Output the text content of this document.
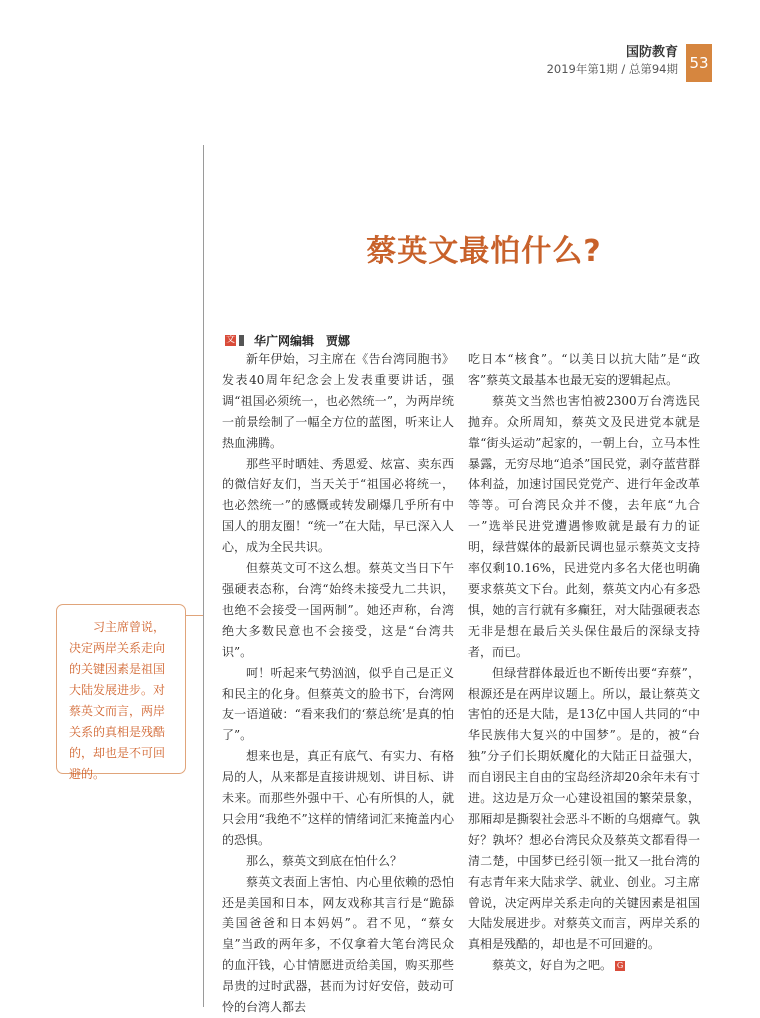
国防教育
2019年第1期 / 总第94期 53
蔡英文最怕什么?
文 华广网编辑　贾娜

新年伊始，习主席在《告台湾同胞书》发表40周年纪念会上发表重要讲话，强调“祖国必须统一，也必然统一”，为两岸统一前景绘制了一幅全方位的蓝图，听来让人热血沸腾。

那些平时晒娃、秀恩爱、炫富、卖东西的微信好友们，当天关于“祖国必将统一，也必然统一”的感慨或转发刷爆几乎所有中国人的朋友圈！“统一”在大陆，早已深入人心，成为全民共识。

但蔡英文可不这么想。蔡英文当日下午强硬表态称，台湾“始终未接受九二共识，也绝不会接受一国两制”。她还声称，台湾绝大多数民意也不会接受，这是“台湾共识”。

呵！听起来气势汹汹，似乎自己是正义和民主的化身。但蔡英文的脸书下，台湾网友一语道破：“看来我们的‘蔡总统’是真的怕了”。

想来也是，真正有底气、有实力、有格局的人，从来都是直接讲规划、讲目标、讲未来。而那些外强中干、心有所惧的人，就只会用“我绝不”这样的情绪词汇来掩盖内心的恐惧。

那么，蔡英文到底在怕什么？

蔡英文表面上害怕、内心里依赖的恐怕还是美国和日本，网友戏称其言行是“跪舔美国爸爸和日本妈妈”。君不见，“蔡女皇”当政的两年多，不仅拿着大笔台湾民众的血汗钱，心甘情愿进贡给美国，购买那些昂贵的过时武器，甚而为讨好安倍，鼓动可怜的台湾人都去

吃日本“核食”。“以美日以抗大陆”是“政客”蔡英文最基本也最无妄的逻辑起点。

蔡英文当然也害怕被2300万台湾选民抛弃。众所周知，蔡英文及民进党本就是靠“街头运动”起家的，一朝上台，立马本性暴露，无穷尽地“追杀”国民党，剥夺蓝营群体利益，加速讨国民党党产、进行年金改革等等。可台湾民众并不傻，去年底“九合一”选举民进党遭遇惨败就是最有力的证明，绿营媒体的最新民调也显示蔡英文支持率仅剩10.16%，民进党内多名大佬也明确要求蔡英文下台。此刻，蔡英文内心有多恐惧，她的言行就有多癫狂，对大陆强硬表态无非是想在最后关头保住最后的深绿支持者，而已。

但绿营群体最近也不断传出要“弃蔡”，根源还是在两岸议题上。所以，最让蔡英文害怕的还是大陆，是13亿中国人共同的“中华民族伟大复兴的中国梦”。是的，被“台独”分子们长期妖魔化的大陆正日益强大，而自诩民主自由的宝岛经济却20余年未有寸进。这边是万众一心建设祖国的繁荣景象，那厢却是撕裂社会恶斗不断的乌烟瘴气。孰好？孰坏？想必台湾民众及蔡英文都看得一清二楚，中国梦已经引领一批又一批台湾的有志青年来大陆求学、就业、创业。习主席曾说，决定两岸关系走向的关键因素是祖国大陆发展进步。对蔡英文而言，两岸关系的真相是残酷的，却也是不可回避的。

蔡英文，好自为之吧。 G

习主席曾说，决定两岸关系走向的关键因素是祖国大陆发展进步。对蔡英文而言，两岸关系的真相是残酷的，却也是不可回避的。
